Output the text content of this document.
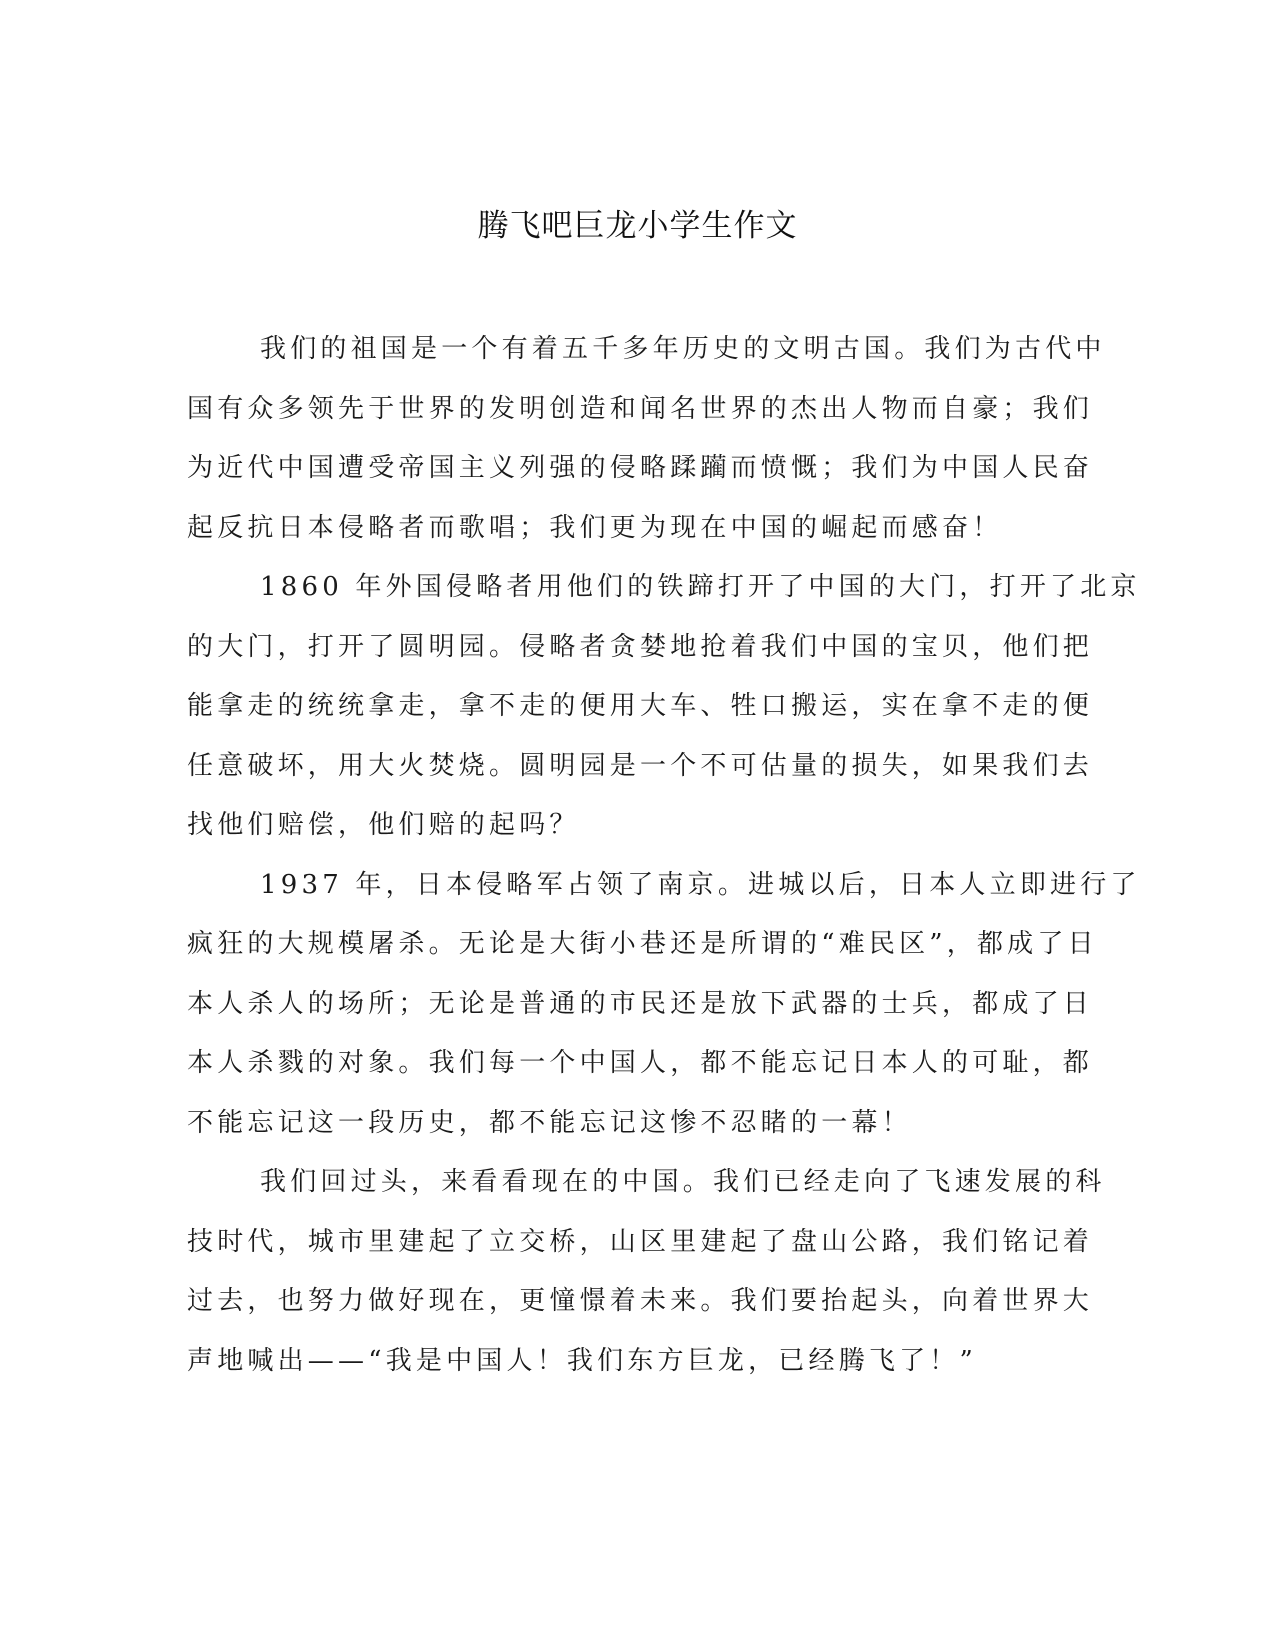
腾飞吧巨龙小学生作文
我们的祖国是一个有着五千多年历史的文明古国。我们为古代中
国有众多领先于世界的发明创造和闻名世界的杰出人物而自豪；我们
为近代中国遭受帝国主义列强的侵略蹂躏而愤慨；我们为中国人民奋
起反抗日本侵略者而歌唱；我们更为现在中国的崛起而感奋！
1860 年外国侵略者用他们的铁蹄打开了中国的大门，打开了北京
的大门，打开了圆明园。侵略者贪婪地抢着我们中国的宝贝，他们把
能拿走的统统拿走，拿不走的便用大车、牲口搬运，实在拿不走的便
任意破坏，用大火焚烧。圆明园是一个不可估量的损失，如果我们去
找他们赔偿，他们赔的起吗？
1937 年，日本侵略军占领了南京。进城以后，日本人立即进行了
疯狂的大规模屠杀。无论是大街小巷还是所谓的“难民区”，都成了日
本人杀人的场所；无论是普通的市民还是放下武器的士兵，都成了日
本人杀戮的对象。我们每一个中国人，都不能忘记日本人的可耻，都
不能忘记这一段历史，都不能忘记这惨不忍睹的一幕！
我们回过头，来看看现在的中国。我们已经走向了飞速发展的科
技时代，城市里建起了立交桥，山区里建起了盘山公路，我们铭记着
过去，也努力做好现在，更憧憬着未来。我们要抬起头，向着世界大
声地喊出——“我是中国人！我们东方巨龙，已经腾飞了！”
